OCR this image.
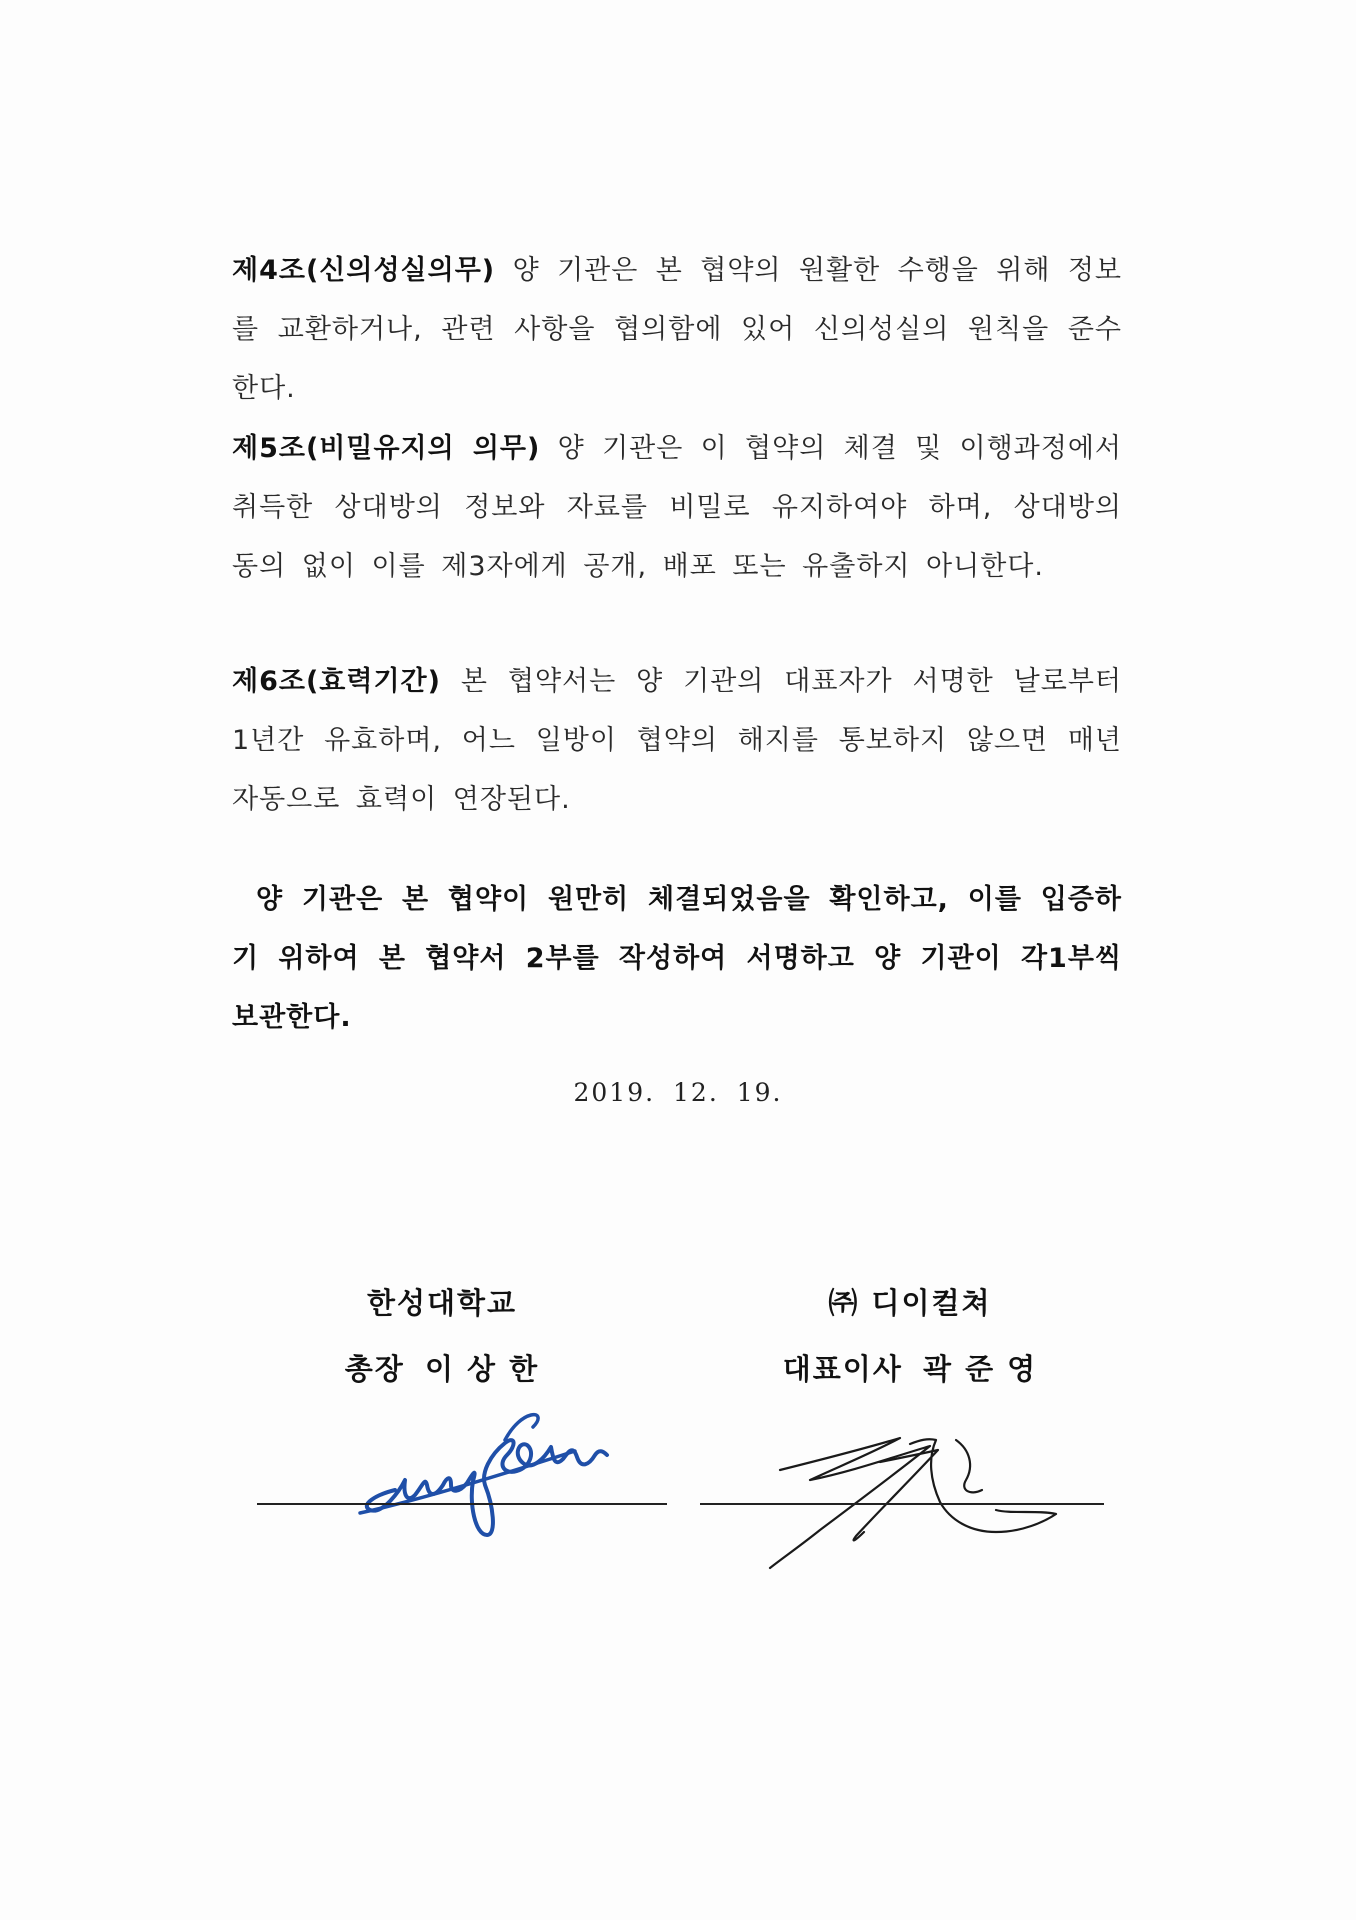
제4조(신의성실의무) 양 기관은 본 협약의 원활한 수행을 위해 정보를 교환하거나, 관련 사항을 협의함에 있어 신의성실의 원칙을 준수한다.
제5조(비밀유지의 의무) 양 기관은 이 협약의 체결 및 이행과정에서 취득한 상대방의 정보와 자료를 비밀로 유지하여야 하며, 상대방의 동의 없이 이를 제3자에게 공개, 배포 또는 유출하지 아니한다.
제6조(효력기간) 본 협약서는 양 기관의 대표자가 서명한 날로부터 1년간 유효하며, 어느 일방이 협약의 해지를 통보하지 않으면 매년 자동으로 효력이 연장된다.
양 기관은 본 협약이 원만히 체결되었음을 확인하고, 이를 입증하기 위하여 본 협약서 2부를 작성하여 서명하고 양 기관이 각1부씩 보관한다.
2019. 12. 19.
한성대학교
총장 이 상 한
㈜ 디이컬쳐
대표이사 곽 준 영
